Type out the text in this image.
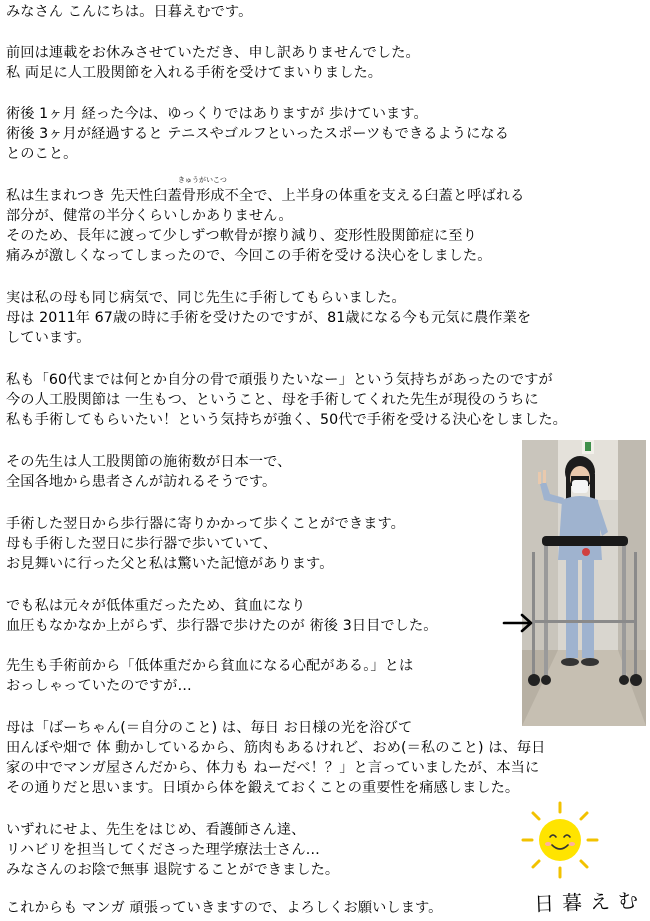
みなさん こんにちは。日暮えむです。
前回は連載をお休みさせていただき、申し訳ありませんでした。
私 両足に人工股関節を入れる手術を受けてまいりました。
術後 1ヶ月 経った今は、ゆっくりではありますが 歩けています。
術後 3ヶ月が経過すると テニスやゴルフといったスポーツもできるようになる
とのこと。
きゅうがいこつ
私は生まれつき 先天性臼蓋骨形成不全で、上半身の体重を支える臼蓋と呼ばれる
部分が、健常の半分くらいしかありません。
そのため、長年に渡って少しずつ軟骨が擦り減り、変形性股関節症に至り
痛みが激しくなってしまったので、今回この手術を受ける決心をしました。
実は私の母も同じ病気で、同じ先生に手術してもらいました。
母は 2011年 67歳の時に手術を受けたのですが、81歳になる今も元気に農作業を
しています。
私も「60代までは何とか自分の骨で頑張りたいなー」という気持ちがあったのですが
今の人工股関節は 一生もつ、ということ、母を手術してくれた先生が現役のうちに
私も手術してもらいたい！という気持ちが強く、50代で手術を受ける決心をしました。
その先生は人工股関節の施術数が日本一で、
全国各地から患者さんが訪れるそうです。
手術した翌日から歩行器に寄りかかって歩くことができます。
母も手術した翌日に歩行器で歩いていて、
お見舞いに行った父と私は驚いた記憶があります。
でも私は元々が低体重だったため、貧血になり
血圧もなかなか上がらず、歩行器で歩けたのが 術後 3日目でした。
先生も手術前から「低体重だから貧血になる心配がある。」とは
おっしゃっていたのですが…
母は「ばーちゃん(＝自分のこと) は、毎日 お日様の光を浴びて
田んぼや畑で 体 動かしているから、筋肉もあるけれど、おめ(＝私のこと) は、毎日
家の中でマンガ屋さんだから、体力も ねーだべ！？」と言っていましたが、本当に
その通りだと思います。日頃から体を鍛えておくことの重要性を痛感しました。
いずれにせよ、先生をはじめ、看護師さん達、
リハビリを担当してくださった理学療法士さん…
みなさんのお陰で無事 退院することができました。
これからも マンガ 頑張っていきますので、よろしくお願いします。	日暮えむ
